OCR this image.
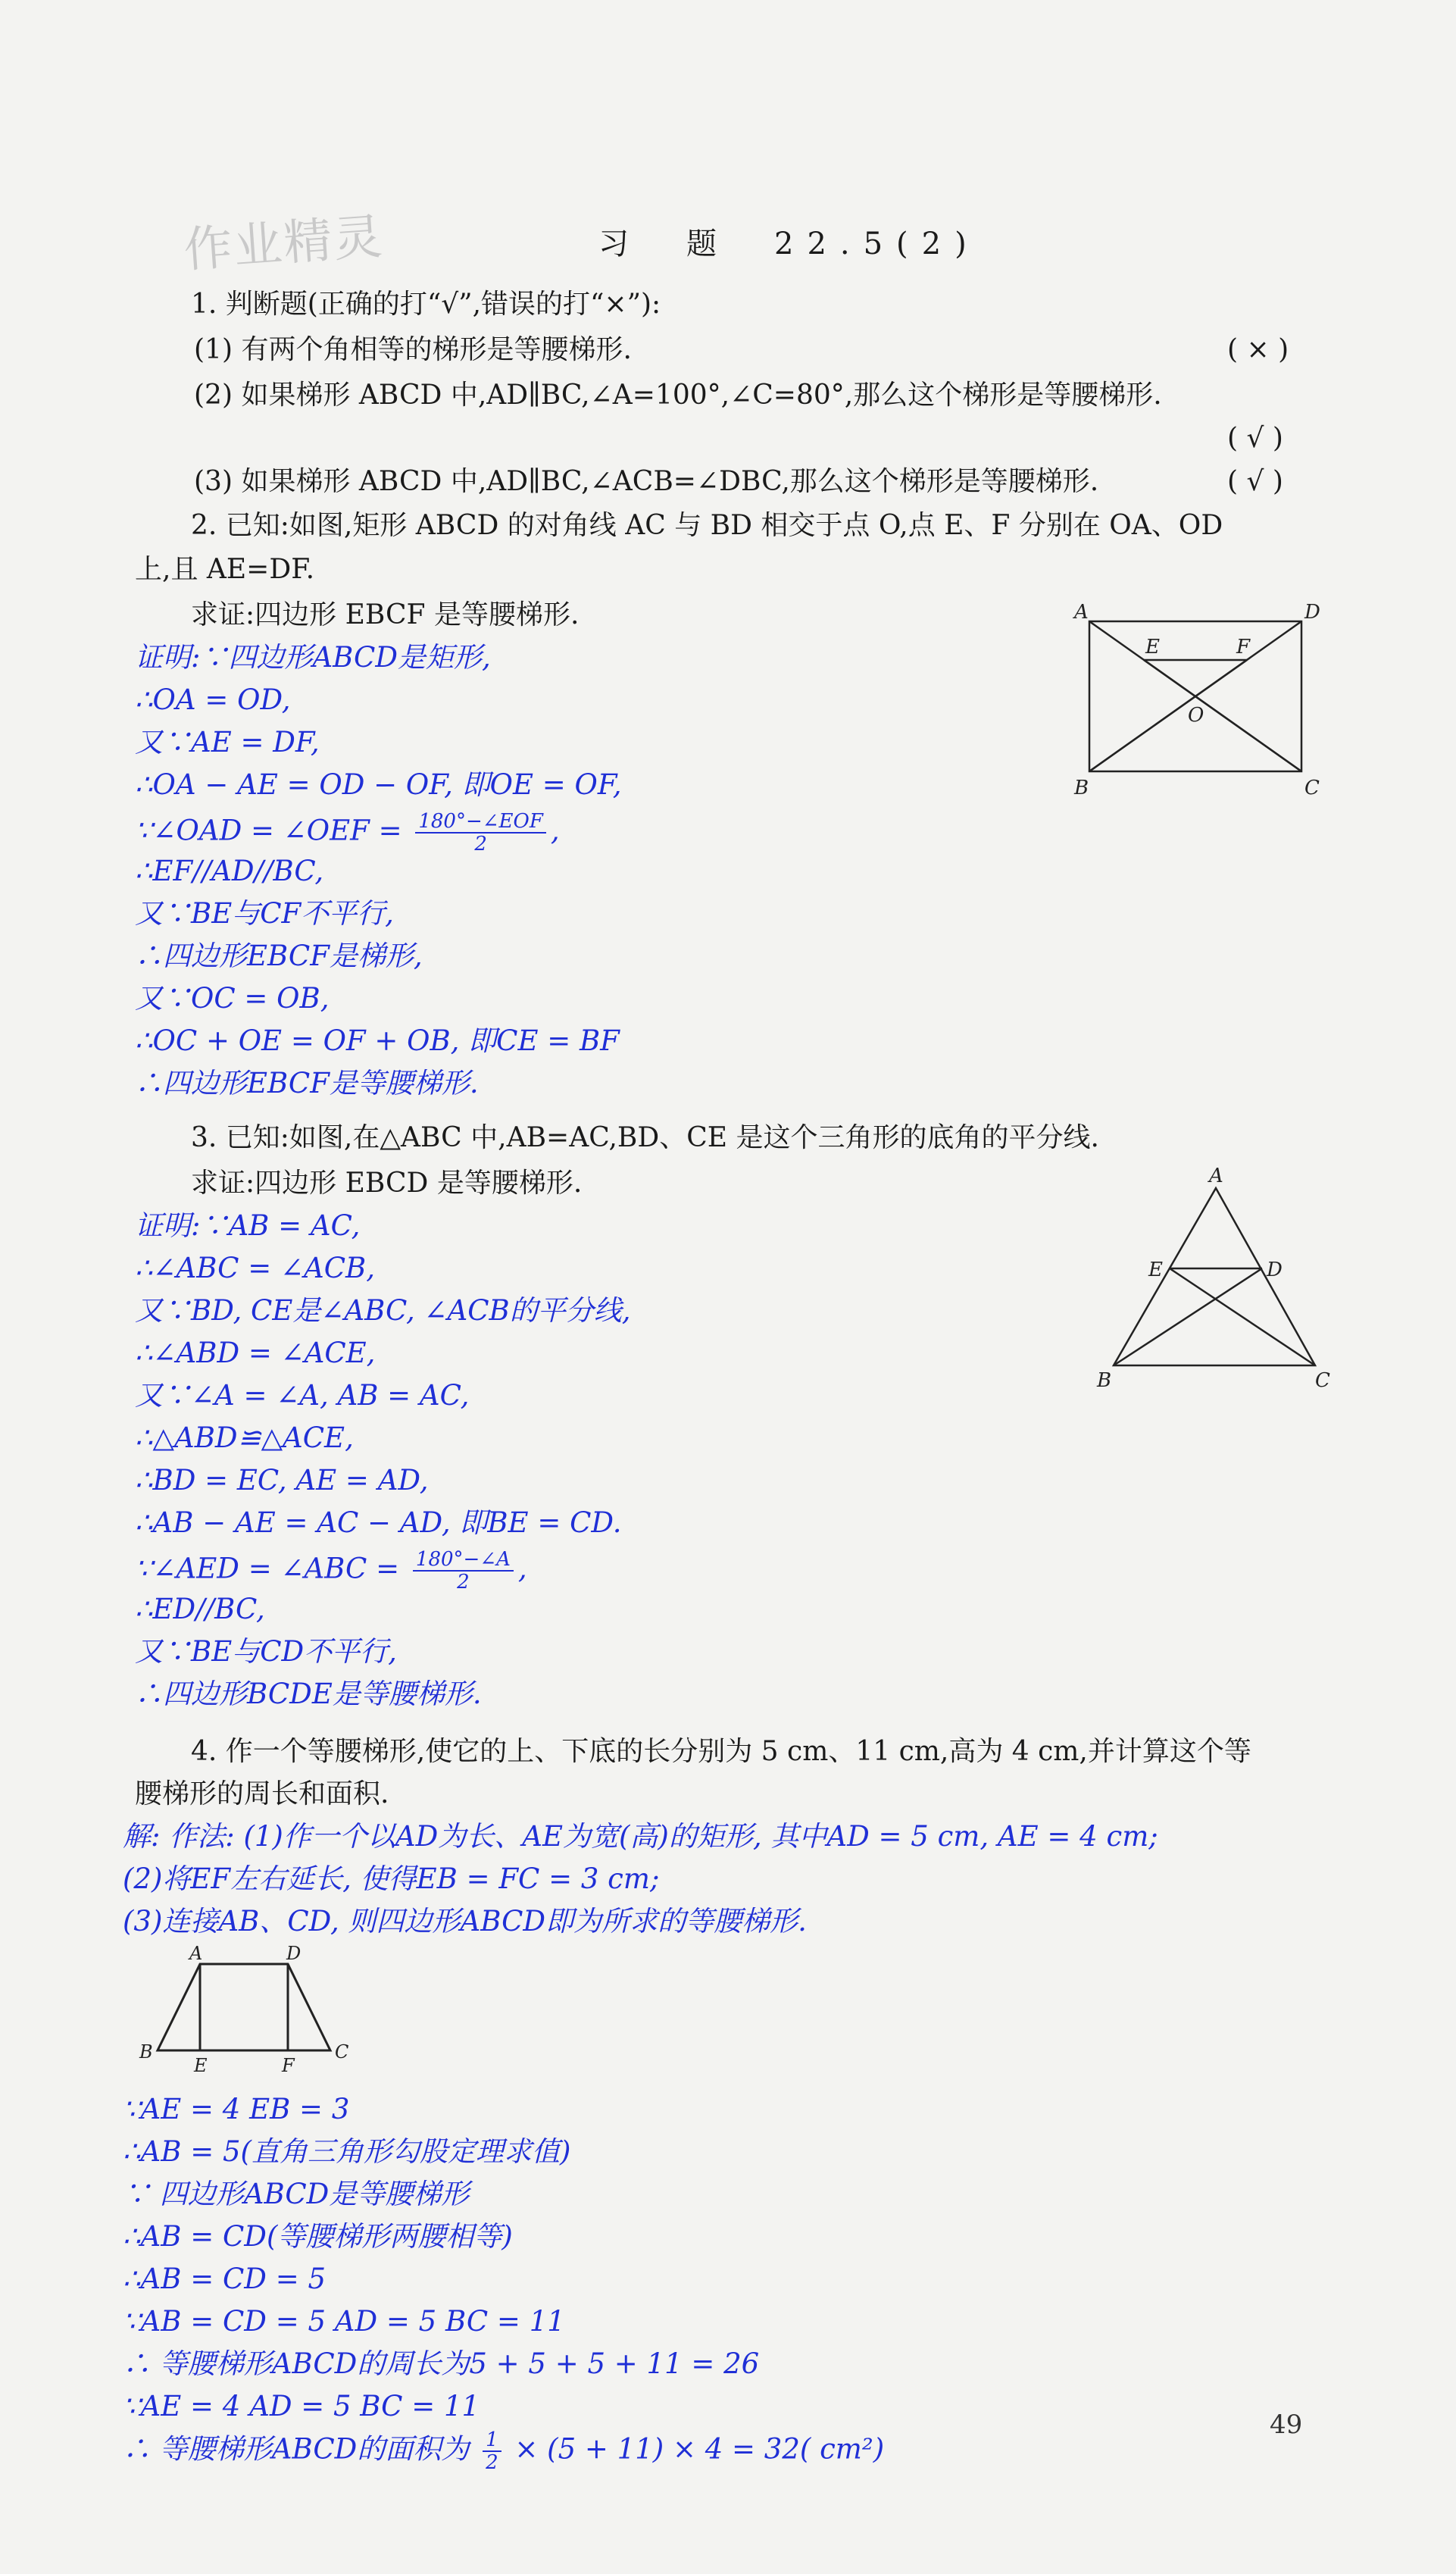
作业精灵	习　题　22.5(2)
1. 判断题(正确的打“√”,错误的打“×”):
(1) 有两个角相等的梯形是等腰梯形.	( × )
(2) 如果梯形 ABCD 中,AD∥BC,∠A=100°,∠C=80°,那么这个梯形是等腰梯形.
( √ )
(3) 如果梯形 ABCD 中,AD∥BC,∠ACB=∠DBC,那么这个梯形是等腰梯形.	( √ )
2. 已知:如图,矩形 ABCD 的对角线 AC 与 BD 相交于点 O,点 E、F 分别在 OA、OD
上,且 AE=DF.
求证:四边形 EBCF 是等腰梯形.
证明:∵四边形ABCD是矩形,
∴OA = OD,
又∵AE = DF,
∴OA − AE = OD − OF, 即OE = OF,
∵∠OAD = ∠OEF = $\frac{\text{180°−∠EOF}}{2}$ ,
∴EF//AD//BC,
又∵BE与CF不平行,
∴四边形EBCF是梯形,
又∵OC = OB,
∴OC + OE = OF + OB, 即CE = BF
∴四边形EBCF是等腰梯形.
A	D
E	F
O
B	C
3. 已知:如图,在△ABC 中,AB=AC,BD、CE 是这个三角形的底角的平分线.
求证:四边形 EBCD 是等腰梯形.
证明:∵AB = AC,
∴∠ABC = ∠ACB,
又∵BD, CE是∠ABC, ∠ACB的平分线,
∴∠ABD = ∠ACE,
又∵∠A = ∠A, AB = AC,
∴△ABD≌△ACE,
∴BD = EC, AE = AD,
∴AB − AE = AC − AD, 即BE = CD.
∵∠AED = ∠ABC = $\frac{180^\circ-\angle A}{2}$ ,
∴ED//BC,
又∵BE与CD不平行,
∴四边形BCDE是等腰梯形.
A
E	D
B	C
4. 作一个等腰梯形,使它的上、下底的长分别为 5 cm、11 cm,高为 4 cm,并计算这个等
腰梯形的周长和面积.
解: 作法: (1)作一个以AD为长、AE为宽(高)的矩形, 其中AD = 5 cm, AE = 4 cm;
(2)将EF左右延长, 使得EB = FC = 3 cm;
(3)连接AB、CD, 则四边形ABCD即为所求的等腰梯形.
A	D
B
E	F
C
∵AE = 4 EB = 3
∴AB = 5(直角三角形勾股定理求值)
∵ 四边形ABCD是等腰梯形
∴AB = CD(等腰梯形两腰相等)
∴AB = CD = 5
∵AB = CD = 5 AD = 5 BC = 11
∴ 等腰梯形ABCD的周长为5 + 5 + 5 + 11 = 26
∵AE = 4 AD = 5 BC = 11
∴ 等腰梯形ABCD的面积为 $\frac{1}{2} \times (5 + 11) \times 4 = 32$( cm²)
49
